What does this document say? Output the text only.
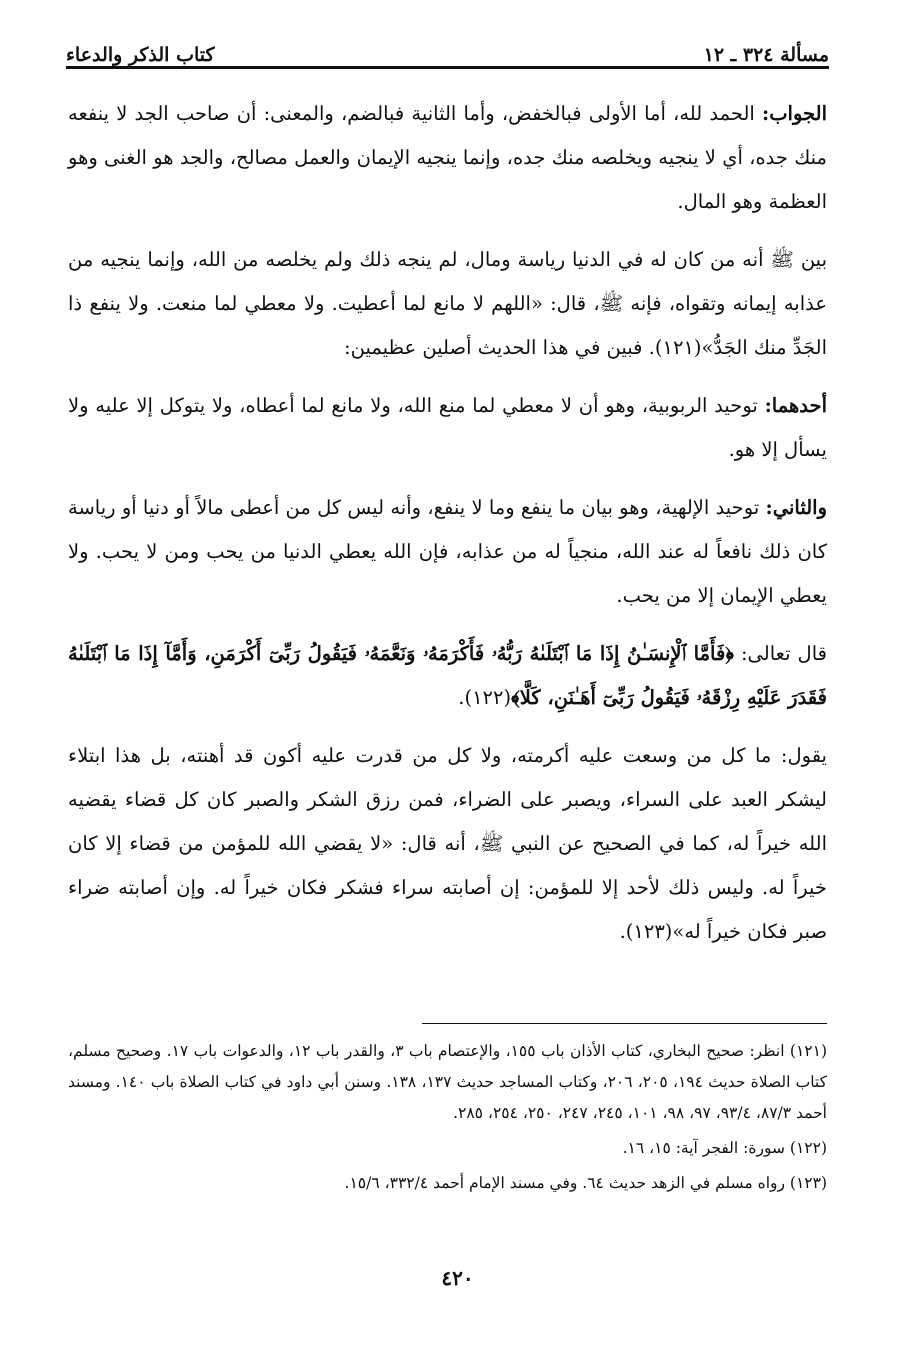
مسألة ٣٢٤ ـ ١٢
كتاب الذكر والدعاء

الجواب: الحمد لله، أما الأولى فبالخفض، وأما الثانية فبالضم، والمعنى: أن صاحب الجد لا ينفعه منك جده، أي لا ينجيه ويخلصه منك جده، وإنما ينجيه الإيمان والعمل مصالح، والجد هو الغنى وهو العظمة وهو المال.

بين ﷺ أنه من كان له في الدنيا رياسة ومال، لم ينجه ذلك ولم يخلصه من الله، وإنما ينجيه من عذابه إيمانه وتقواه، فإنه ﷺ، قال: «اللهم لا مانع لما أعطيت. ولا معطي لما منعت. ولا ينفع ذا الجَدِّ منك الجَدُّ»(١٢١). فبين في هذا الحديث أصلين عظيمين:

أحدهما: توحيد الربوبية، وهو أن لا معطي لما منع الله، ولا مانع لما أعطاه، ولا يتوكل إلا عليه ولا يسأل إلا هو.

والثاني: توحيد الإلهية، وهو بيان ما ينفع وما لا ينفع، وأنه ليس كل من أعطى مالاً أو دنيا أو رياسة كان ذلك نافعاً له عند الله، منجياً له من عذابه، فإن الله يعطي الدنيا من يحب ومن لا يحب. ولا يعطي الإيمان إلا من يحب.

قال تعالى: ﴿فَأَمَّا ٱلْإِنسَـٰنُ إِذَا مَا ٱبْتَلَىٰهُ رَبُّهُۥ فَأَكْرَمَهُۥ وَنَعَّمَهُۥ فَيَقُولُ رَبِّىٓ أَكْرَمَنِ، وَأَمَّآ إِذَا مَا ٱبْتَلَىٰهُ فَقَدَرَ عَلَيْهِ رِزْقَهُۥ فَيَقُولُ رَبِّىٓ أَهَـٰنَنِ، كَلَّا﴾(١٢٢).

يقول: ما كل من وسعت عليه أكرمته، ولا كل من قدرت عليه أكون قد أهنته، بل هذا ابتلاء ليشكر العبد على السراء، ويصبر على الضراء، فمن رزق الشكر والصبر كان كل قضاء يقضيه الله خيراً له، كما في الصحيح عن النبي ﷺ، أنه قال: «لا يقضي الله للمؤمن من قضاء إلا كان خيراً له. وليس ذلك لأحد إلا للمؤمن: إن أصابته سراء فشكر فكان خيراً له. وإن أصابته ضراء صبر فكان خيراً له»(١٢٣).

(١٢١) انظر: صحيح البخاري، كتاب الأذان باب ١٥٥، والإعتصام باب ٣، والقدر باب ١٢، والدعوات باب ١٧. وصحيح مسلم، كتاب الصلاة حديث ١٩٤، ٢٠٥، ٢٠٦، وكتاب المساجد حديث ١٣٧، ١٣٨. وسنن أبي داود في كتاب الصلاة باب ١٤٠. ومسند أحمد ٨٧/٣، ٩٣/٤، ٩٧، ٩٨، ١٠١، ٢٤٥، ٢٤٧، ٢٥٠، ٢٥٤، ٢٨٥.

(١٢٢) سورة: الفجر آية: ١٥، ١٦.

(١٢٣) رواه مسلم في الزهد حديث ٦٤. وفي مسند الإمام أحمد ٣٣٢/٤، ١٥/٦.

٤٢٠
